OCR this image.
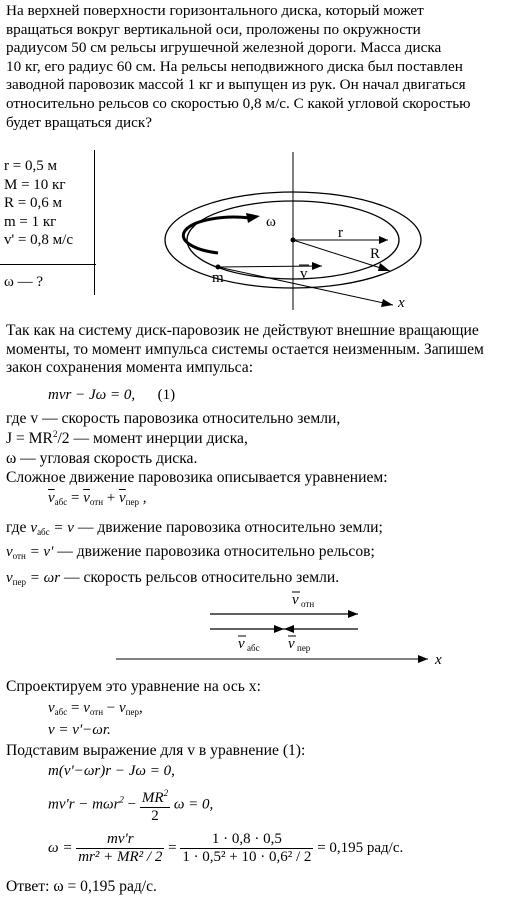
На верхней поверхности горизонтального диска, который может
вращаться вокруг вертикальной оси, проложены по окружности
радиусом 50 см рельсы игрушечной железной дороги. Масса диска
10 кг, его радиус 60 см. На рельсы неподвижного диска был поставлен
заводной паровозик массой 1 кг и выпущен из рук. Он начал двигаться
относительно рельсов со скоростью 0,8 м/с. С какой угловой скоростью
будет вращаться диск?
r = 0,5 м
M = 10 кг
R = 0,6 м
m = 1 кг
v' = 0,8 м/с
ω — ?
ω
r
R
m	v
x
Так как на систему диск-паровозик не действуют внешние вращающие
моменты, то момент импульса системы остается неизменным. Запишем
закон сохранения момента импульса:
mvr − Jω = 0, (1)
где v — скорость паровозика относительно земли,
$J = MR^2/2$ — момент инерции диска,
ω — угловая скорость диска.
Сложное движение паровозика описывается уравнением:
$\overline{v}_{абс} = \overline{v}_{отн} + \overline{v}_{пер}$ ,
где $v_{абс} = v$ — движение паровозика относительно земли;
$v_{отн} = v'$ — движение паровозика относительно рельсов;
$v_{пер} = \omega r$ — скорость рельсов относительно земли.
v отн
v абс v пер
x
Спроектируем это уравнение на ось x:
$v_{абс} = v_{отн} - v_{пер}$,
v = v'−ωr.
Подставим выражение для v в уравнение (1):
m(v'−ωr)r − Jω = 0,
$mv'r - m\omega r^2 - \frac{MR^2}{2}$ ω = 0,
$\omega = \frac{mv'r}{\text{mr² + MR² / 2}} = \frac{1 \cdot 0,8 \cdot 0,5}{\text{1 · 0,5² + 10 · 0,6² / 2}} = 0,195$ рад/с.
Ответ: ω = 0,195 рад/с.
